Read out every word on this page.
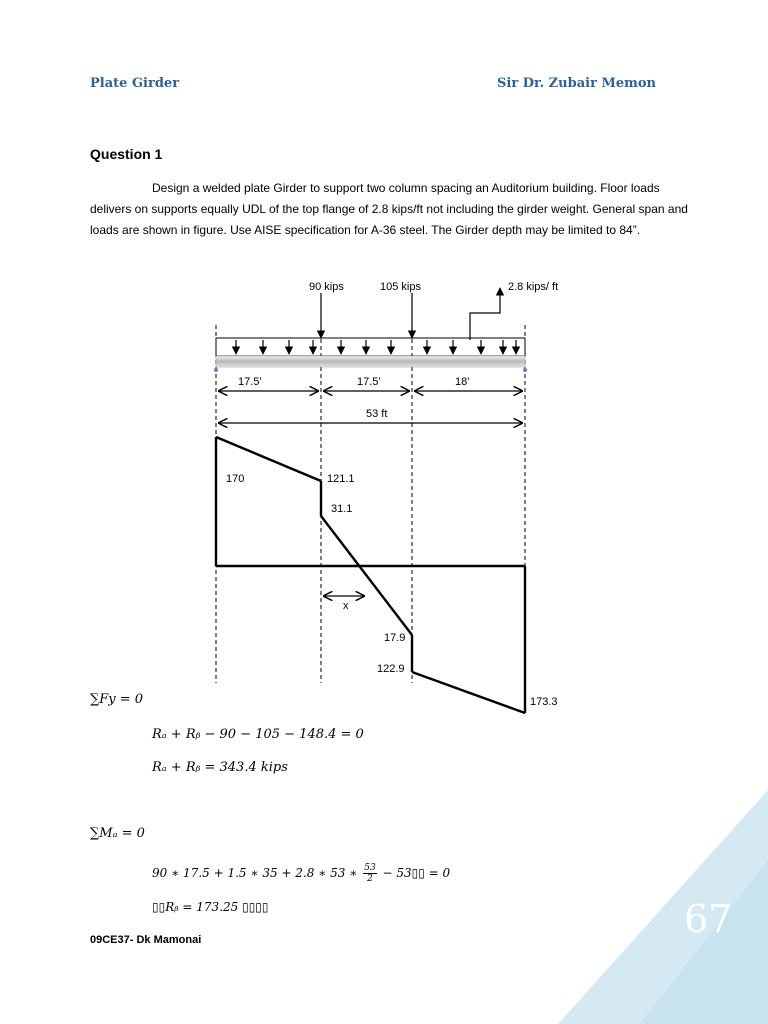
Plate Girder	Sir Dr. Zubair Memon
Question 1
Design a welded plate Girder to support two column spacing an Auditorium building. Floor loads delivers on supports equally UDL of the top flange of 2.8 kips/ft not including the girder weight. General span and loads are shown in figure. Use AISE specification for A-36 steel. The Girder depth may be limited to 84”.
90 kips	105 kips	2.8 kips/ ft
17.5’	17.5’	18’
53 ft
170	121.1
31.1
x
17.9
122.9
173.3
∑Fy = 0
Rₐ + Rᵦ − 90 − 105 − 148.4 = 0
Rₐ + Rᵦ = 343.4 kips
∑Mₐ = 0
90 ∗ 17.5 + 1.5 ∗ 35 + 2.8 ∗ 53 ∗ $\frac{53}{2}$ − 53▯▯ = 0
▯▯Rᵦ = 173.25 ▯▯▯▯
09CE37- Dk Mamonai	67
